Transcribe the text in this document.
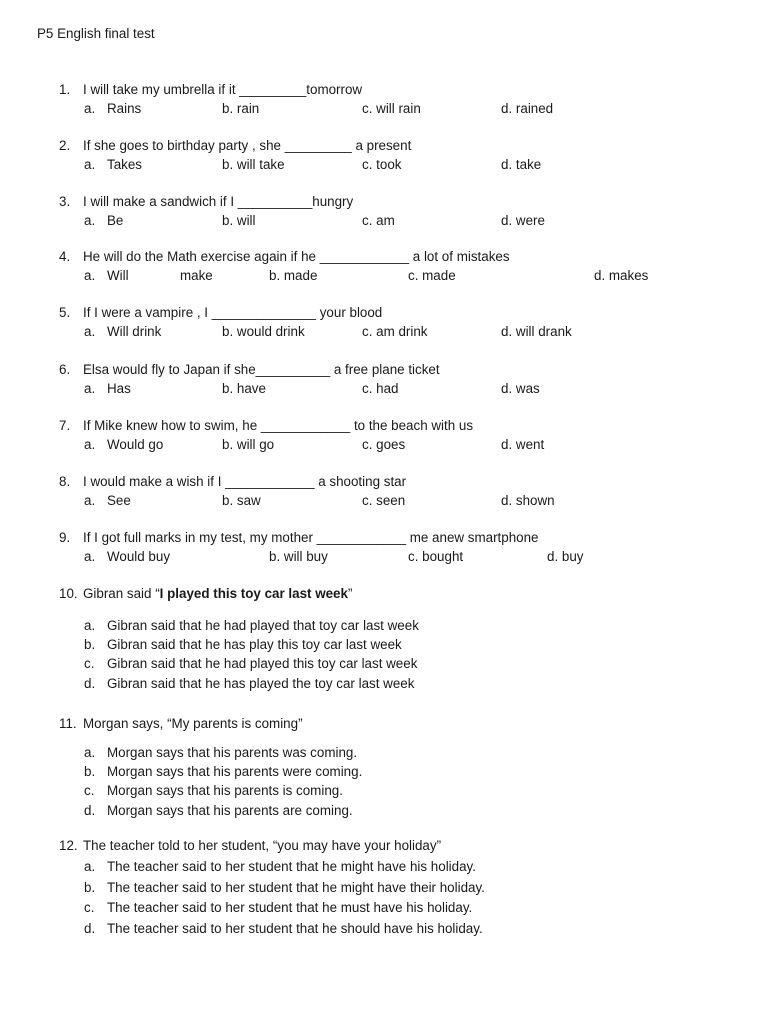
P5 English final test
1. I will take my umbrella if it _________tomorrow
a. Rains	b. rain	c. will rain	d. rained
2. If she goes to birthday party , she _________ a present
a. Takes	b. will take	c. took	d. take
3. I will make a sandwich if I __________hungry
a. Be	b. will	c. am	d. were
4. He will do the Math exercise again if he ____________ a lot of mistakes
a. Will	make	b. made	c. made	d. makes
5. If I were a vampire , I ______________ your blood
a. Will drink	b. would drink	c. am drink	d. will drank
6. Elsa would fly to Japan if she__________ a free plane ticket
a. Has	b. have	c. had	d. was
7. If Mike knew how to swim, he ____________ to the beach with us
a. Would go	b. will go	c. goes	d. went
8. I would make a wish if I ____________ a shooting star
a. See	b. saw	c. seen	d. shown
9. If I got full marks in my test, my mother ____________ me anew smartphone
a. Would buy	b. will buy	c. bought	d. buy
10. Gibran said “I played this toy car last week”
a. Gibran said that he had played that toy car last week
b. Gibran said that he has play this toy car last week
c. Gibran said that he had played this toy car last week
d. Gibran said that he has played the toy car last week
11. Morgan says, “My parents is coming”
a. Morgan says that his parents was coming.
b. Morgan says that his parents were coming.
c. Morgan says that his parents is coming.
d. Morgan says that his parents are coming.
12. The teacher told to her student, “you may have your holiday”
a. The teacher said to her student that he might have his holiday.
b. The teacher said to her student that he might have their holiday.
c. The teacher said to her student that he must have his holiday.
d. The teacher said to her student that he should have his holiday.
